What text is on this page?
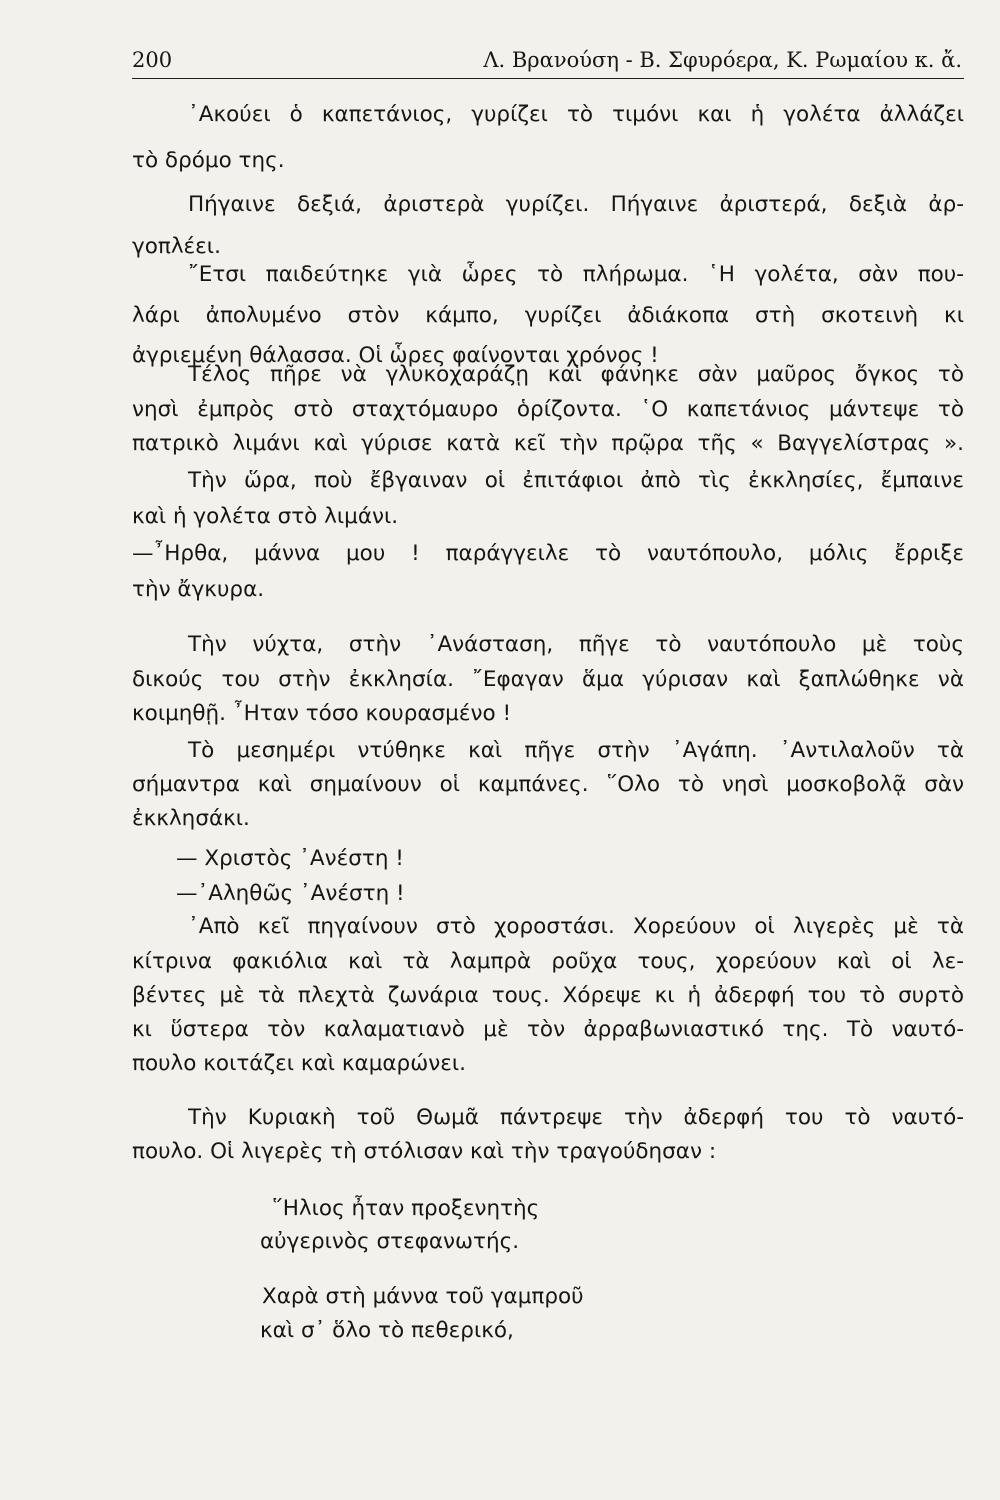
200	Λ. Βρανούση - Β. Σφυρόερα, Κ. Ρωμαίου κ. ἄ.
᾿Ακούει ὁ καπετάνιος, γυρίζει τὸ τιμόνι και ἡ γολέτα ἀλλάζει
τὸ δρόμο της.
Πήγαινε δεξιά, ἀριστερὰ γυρίζει. Πήγαινε ἀριστερά, δεξιὰ ἀρ-
γοπλέει.
῎Ετσι παιδεύτηκε γιὰ ὧρες τὸ πλήρωμα. ῾Η γολέτα, σὰν που-
λάρι ἀπολυμένο στὸν κάμπο, γυρίζει ἀδιάκοπα στὴ σκοτεινὴ κι
ἀγριεμένη θάλασσα. Οἱ ὧρες φαίνονται χρόνος !
Τέλος πῆρε νὰ γλυκοχαράζῃ καὶ φάνηκε σὰν μαῦρος ὄγκος τὸ
νησὶ ἐμπρὸς στὸ σταχτόμαυρο ὁρίζοντα. ῾Ο καπετάνιος μάντεψε τὸ
πατρικὸ λιμάνι καὶ γύρισε κατὰ κεῖ τὴν πρῷρα τῆς « Βαγγελίστρας ».
Τὴν ὥρα, ποὺ ἔβγαιναν οἱ ἐπιτάφιοι ἀπὸ τὶς ἐκκλησίες, ἔμπαινε
καὶ ἡ γολέτα στὸ λιμάνι.
—῏Ηρθα, μάννα μου ! παράγγειλε τὸ ναυτόπουλο, μόλις ἔρριξε
τὴν ἄγκυρα.
Τὴν νύχτα, στὴν ᾿Ανάσταση, πῆγε τὸ ναυτόπουλο μὲ τοὺς
δικούς του στὴν ἐκκλησία. ῎Εφαγαν ἅμα γύρισαν καὶ ξαπλώθηκε νὰ
κοιμηθῇ. ῏Ηταν τόσο κουρασμένο !
Τὸ μεσημέρι ντύθηκε καὶ πῆγε στὴν ᾿Αγάπη. ᾿Αντιλαλοῦν τὰ
σήμαντρα καὶ σημαίνουν οἱ καμπάνες. ῞Ολο τὸ νησὶ μοσκοβολᾷ σὰν
ἐκκλησάκι.
— Χριστὸς ᾿Ανέστη !
—᾿Αληθῶς ᾿Ανέστη !
᾿Απὸ κεῖ πηγαίνουν στὸ χοροστάσι. Χορεύουν οἱ λιγερὲς μὲ τὰ
κίτρινα φακιόλια καὶ τὰ λαμπρὰ ροῦχα τους, χορεύουν καὶ οἱ λε-
βέντες μὲ τὰ πλεχτὰ ζωνάρια τους. Χόρεψε κι ἡ ἀδερφή του τὸ συρτὸ
κι ὕστερα τὸν καλαματιανὸ μὲ τὸν ἀρραβωνιαστικό της. Τὸ ναυτό-
πουλο κοιτάζει καὶ καμαρώνει.
Τὴν Κυριακὴ τοῦ Θωμᾶ πάντρεψε τὴν ἀδερφή του τὸ ναυτό-
πουλο. Οἱ λιγερὲς τὴ στόλισαν καὶ τὴν τραγούδησαν :
῞Ηλιος ἦταν προξενητὴς
αὐγερινὸς στεφανωτής.
Χαρὰ στὴ μάννα τοῦ γαμπροῦ
καὶ σ᾿ ὅλο τὸ πεθερικό,
